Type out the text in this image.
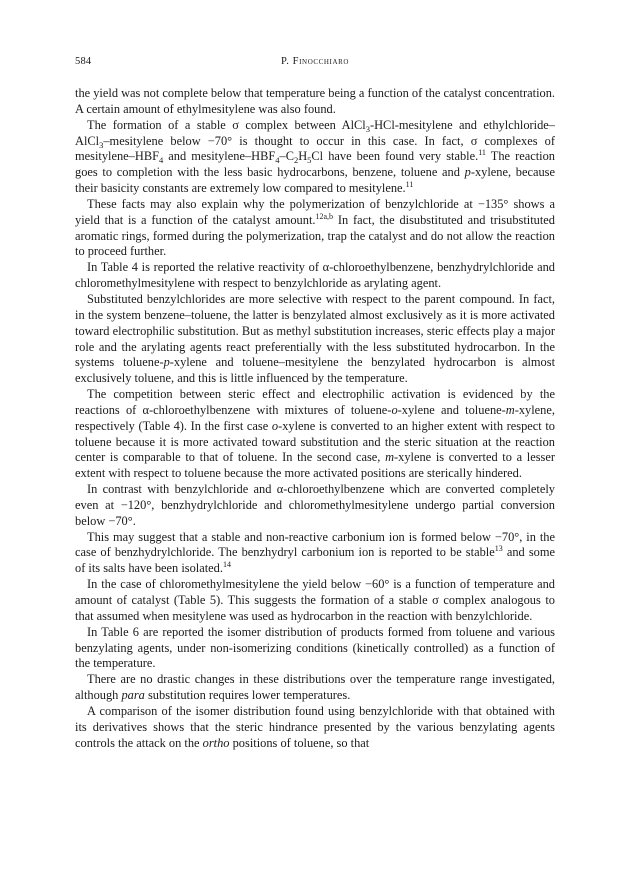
584	P. Finocchiaro

the yield was not complete below that temperature being a function of the catalyst concentration. A certain amount of ethylmesitylene was also found.

The formation of a stable σ complex between AlCl$_3$-HCl-mesitylene and ethylchloride–AlCl$_3$–mesitylene below −70° is thought to occur in this case. In fact, σ complexes of mesitylene–$HBF_4$ and mesitylene–$HBF_4-C_2H_5Cl$ have been found very stable.$^{11}$ The reaction goes to completion with the less basic hydrocarbons, benzene, toluene and p-xylene, because their basicity constants are extremely low compared to mesitylene.$^{11}$

These facts may also explain why the polymerization of benzylchloride at −135° shows a yield that is a function of the catalyst amount.$^{12a,b}$ In fact, the disubstituted and trisubstituted aromatic rings, formed during the polymerization, trap the catalyst and do not allow the reaction to proceed further.

In Table 4 is reported the relative reactivity of α-chloroethylbenzene, benzhydrylchloride and chloromethylmesitylene with respect to benzylchloride as arylating agent.

Substituted benzylchlorides are more selective with respect to the parent compound. In fact, in the system benzene–toluene, the latter is benzylated almost exclusively as it is more activated toward electrophilic substitution. But as methyl substitution increases, steric effects play a major role and the arylating agents react preferentially with the less substituted hydrocarbon. In the systems toluene-p-xylene and toluene–mesitylene the benzylated hydrocarbon is almost exclusively toluene, and this is little influenced by the temperature.

The competition between steric effect and electrophilic activation is evidenced by the reactions of α-chloroethylbenzene with mixtures of toluene-o-xylene and toluene-m-xylene, respectively (Table 4). In the first case o-xylene is converted to an higher extent with respect to toluene because it is more activated toward substitution and the steric situation at the reaction center is comparable to that of toluene. In the second case, m-xylene is converted to a lesser extent with respect to toluene because the more activated positions are sterically hindered.

In contrast with benzylchloride and α-chloroethylbenzene which are converted completely even at −120°, benzhydrylchloride and chloromethylmesitylene undergo partial conversion below −70°.

This may suggest that a stable and non-reactive carbonium ion is formed below −70°, in the case of benzhydrylchloride. The benzhydryl carbonium ion is reported to be stable$^{13}$ and some of its salts have been isolated.$^{14}$

In the case of chloromethylmesitylene the yield below −60° is a function of temperature and amount of catalyst (Table 5). This suggests the formation of a stable σ complex analogous to that assumed when mesitylene was used as hydrocarbon in the reaction with benzylchloride.

In Table 6 are reported the isomer distribution of products formed from toluene and various benzylating agents, under non-isomerizing conditions (kinetically controlled) as a function of the temperature.

There are no drastic changes in these distributions over the temperature range investigated, although para substitution requires lower temperatures.

A comparison of the isomer distribution found using benzylchloride with that obtained with its derivatives shows that the steric hindrance presented by the various benzylating agents controls the attack on the ortho positions of toluene, so that
